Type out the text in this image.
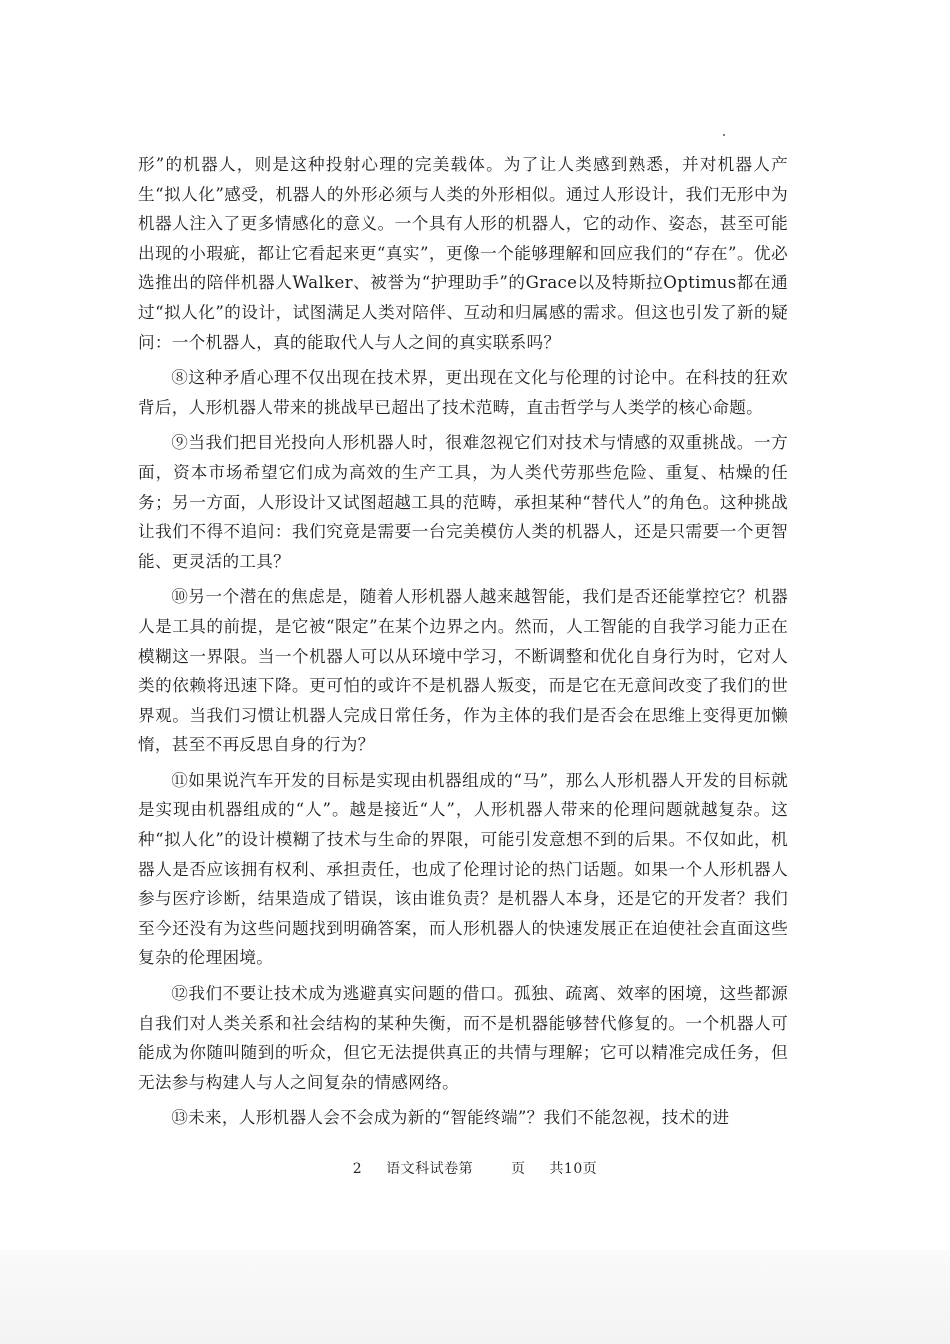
形”的机器人，则是这种投射心理的完美载体。为了让人类感到熟悉，并对机器人产生“拟人化”感受，机器人的外形必须与人类的外形相似。通过人形设计，我们无形中为机器人注入了更多情感化的意义。一个具有人形的机器人，它的动作、姿态，甚至可能出现的小瑕疵，都让它看起来更“真实”，更像一个能够理解和回应我们的“存在”。优必选推出的陪伴机器人Walker、被誉为“护理助手”的Grace以及特斯拉Optimus都在通过“拟人化”的设计，试图满足人类对陪伴、互动和归属感的需求。但这也引发了新的疑问：一个机器人，真的能取代人与人之间的真实联系吗？

⑧这种矛盾心理不仅出现在技术界，更出现在文化与伦理的讨论中。在科技的狂欢背后，人形机器人带来的挑战早已超出了技术范畴，直击哲学与人类学的核心命题。

⑨当我们把目光投向人形机器人时，很难忽视它们对技术与情感的双重挑战。一方面，资本市场希望它们成为高效的生产工具，为人类代劳那些危险、重复、枯燥的任务；另一方面，人形设计又试图超越工具的范畴，承担某种“替代人”的角色。这种挑战让我们不得不追问：我们究竟是需要一台完美模仿人类的机器人，还是只需要一个更智能、更灵活的工具？

⑩另一个潜在的焦虑是，随着人形机器人越来越智能，我们是否还能掌控它？机器人是工具的前提，是它被“限定”在某个边界之内。然而，人工智能的自我学习能力正在模糊这一界限。当一个机器人可以从环境中学习，不断调整和优化自身行为时，它对人类的依赖将迅速下降。更可怕的或许不是机器人叛变，而是它在无意间改变了我们的世界观。当我们习惯让机器人完成日常任务，作为主体的我们是否会在思维上变得更加懒惰，甚至不再反思自身的行为？

⑪如果说汽车开发的目标是实现由机器组成的“马”，那么人形机器人开发的目标就是实现由机器组成的“人”。越是接近“人”，人形机器人带来的伦理问题就越复杂。这种“拟人化”的设计模糊了技术与生命的界限，可能引发意想不到的后果。不仅如此，机器人是否应该拥有权利、承担责任，也成了伦理讨论的热门话题。如果一个人形机器人参与医疗诊断，结果造成了错误，该由谁负责？是机器人本身，还是它的开发者？我们至今还没有为这些问题找到明确答案，而人形机器人的快速发展正在迫使社会直面这些复杂的伦理困境。

⑫我们不要让技术成为逃避真实问题的借口。孤独、疏离、效率的困境，这些都源自我们对人类关系和社会结构的某种失衡，而不是机器能够替代修复的。一个机器人可能成为你随叫随到的听众，但它无法提供真正的共情与理解；它可以精准完成任务，但无法参与构建人与人之间复杂的情感网络。

⑬未来，人形机器人会不会成为新的“智能终端”？我们不能忽视，技术的进

2 语文科试卷第	页 共10页
